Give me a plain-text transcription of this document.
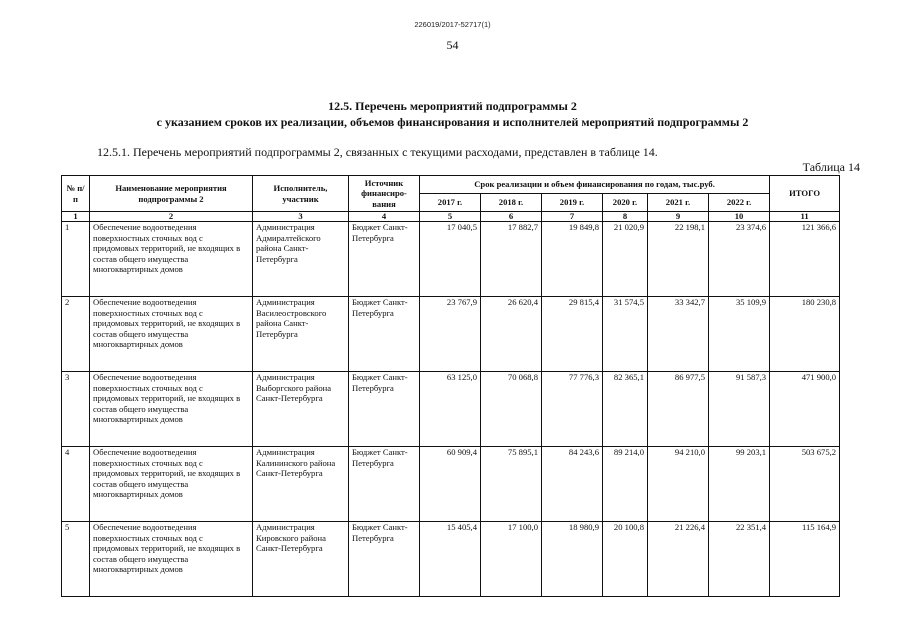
226019/2017-52717(1)
54
12.5. Перечень мероприятий подпрограммы 2
с указанием сроков их реализации, объемов финансирования и исполнителей мероприятий подпрограммы 2
12.5.1. Перечень мероприятий подпрограммы 2, связанных с текущими расходами, представлен в таблице 14.
Таблица 14
№ п/п	Наименование мероприятия подпрограммы 2	Исполнитель, участник	Источник финансиро-вания	Срок реализации и объем финансирования по годам, тыс.руб.						ИТОГО
				2017 г.	2018 г.	2019 г.	2020 г.	2021 г.	2022 г.	
1	2	3	4	5	6	7	8	9	10	11
1	Обеспечение водоотведения поверхностных сточных вод с придомовых территорий, не входящих в состав общего имущества многоквартирных домов	Администрация Адмиралтейского района Санкт-Петербурга	Бюджет Санкт-Петербурга	17 040,5	17 882,7	19 849,8	21 020,9	22 198,1	23 374,6	121 366,6
2	Обеспечение водоотведения поверхностных сточных вод с придомовых территорий, не входящих в состав общего имущества многоквартирных домов	Администрация Василеостровского района Санкт-Петербурга	Бюджет Санкт-Петербурга	23 767,9	26 620,4	29 815,4	31 574,5	33 342,7	35 109,9	180 230,8
3	Обеспечение водоотведения поверхностных сточных вод с придомовых территорий, не входящих в состав общего имущества многоквартирных домов	Администрация Выборгского района Санкт-Петербурга	Бюджет Санкт-Петербурга	63 125,0	70 068,8	77 776,3	82 365,1	86 977,5	91 587,3	471 900,0
4	Обеспечение водоотведения поверхностных сточных вод с придомовых территорий, не входящих в состав общего имущества многоквартирных домов	Администрация Калининского района Санкт-Петербурга	Бюджет Санкт-Петербурга	60 909,4	75 895,1	84 243,6	89 214,0	94 210,0	99 203,1	503 675,2
5	Обеспечение водоотведения поверхностных сточных вод с придомовых территорий, не входящих в состав общего имущества многоквартирных домов	Администрация Кировского района Санкт-Петербурга	Бюджет Санкт-Петербурга	15 405,4	17 100,0	18 980,9	20 100,8	21 226,4	22 351,4	115 164,9
